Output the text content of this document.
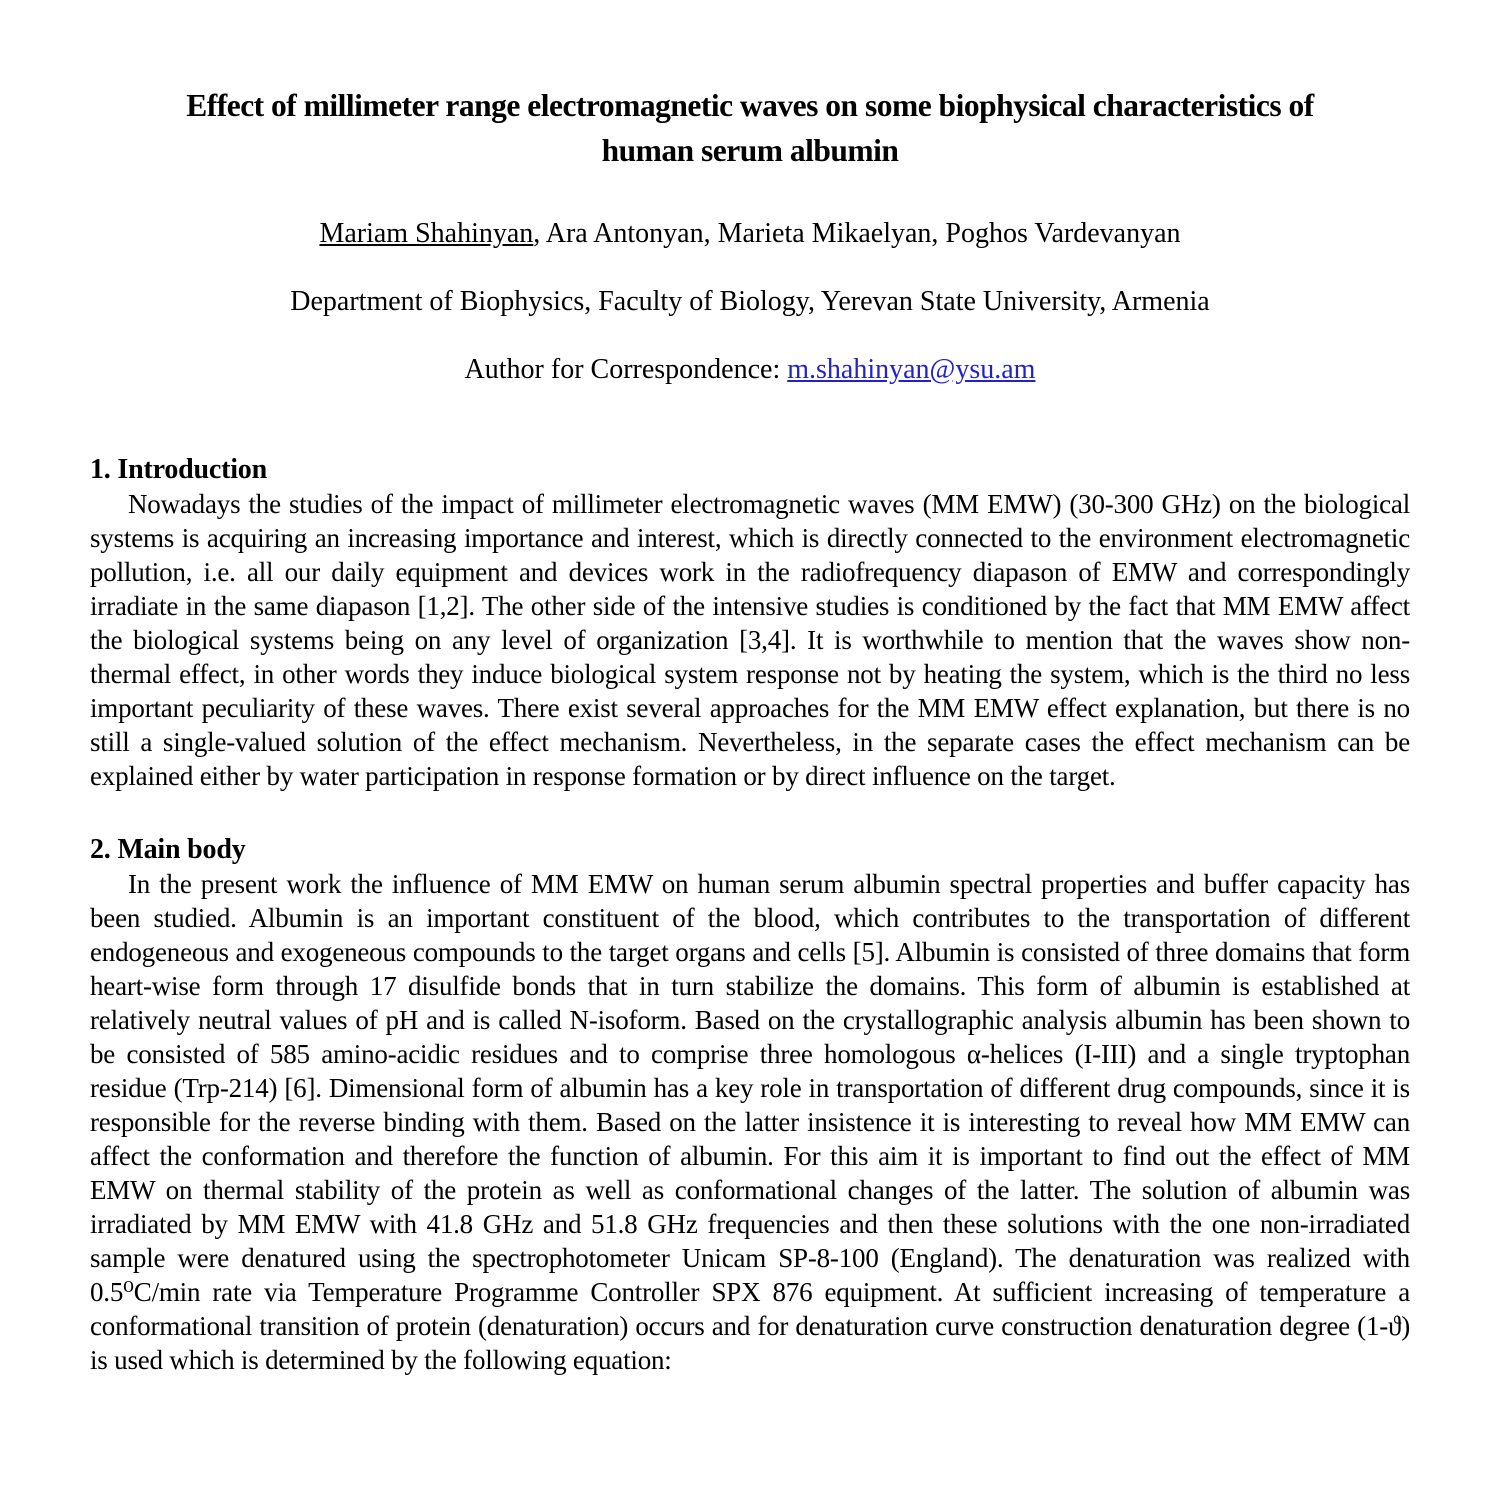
Effect of millimeter range electromagnetic waves on some biophysical characteristics of
human serum albumin
Mariam Shahinyan, Ara Antonyan, Marieta Mikaelyan, Poghos Vardevanyan
Department of Biophysics, Faculty of Biology, Yerevan State University, Armenia
Author for Correspondence: m.shahinyan@ysu.am
1. Introduction

Nowadays the studies of the impact of millimeter electromagnetic waves (MM EMW) (30-300 GHz) on the biological systems is acquiring an increasing importance and interest, which is directly connected to the environment electromagnetic pollution, i.e. all our daily equipment and devices work in the radiofrequency diapason of EMW and correspondingly irradiate in the same diapason [1,2]. The other side of the intensive studies is conditioned by the fact that MM EMW affect the biological systems being on any level of organization [3,4]. It is worthwhile to mention that the waves show non-thermal effect, in other words they induce biological system response not by heating the system, which is the third no less important peculiarity of these waves. There exist several approaches for the MM EMW effect explanation, but there is no still a single-valued solution of the effect mechanism. Nevertheless, in the separate cases the effect mechanism can be explained either by water participation in response formation or by direct influence on the target.

2. Main body

In the present work the influence of MM EMW on human serum albumin spectral properties and buffer capacity has been studied. Albumin is an important constituent of the blood, which contributes to the transportation of different endogeneous and exogeneous compounds to the target organs and cells [5]. Albumin is consisted of three domains that form heart-wise form through 17 disulfide bonds that in turn stabilize the domains. This form of albumin is established at relatively neutral values of pH and is called N-isoform. Based on the crystallographic analysis albumin has been shown to be consisted of 585 amino-acidic residues and to comprise three homologous α-helices (I-III) and a single tryptophan residue (Trp-214) [6]. Dimensional form of albumin has a key role in transportation of different drug compounds, since it is responsible for the reverse binding with them. Based on the latter insistence it is interesting to reveal how MM EMW can affect the conformation and therefore the function of albumin. For this aim it is important to find out the effect of MM EMW on thermal stability of the protein as well as conformational changes of the latter. The solution of albumin was irradiated by MM EMW with 41.8 GHz and 51.8 GHz frequencies and then these solutions with the one non-irradiated sample were denatured using the spectrophotometer Unicam SP-8-100 (England). The denaturation was realized with 0.5⁰C/min rate via Temperature Programme Controller SPX 876 equipment. At sufficient increasing of temperature a conformational transition of protein (denaturation) occurs and for denaturation curve construction denaturation degree (1-ϑ) is used which is determined by the following equation:
